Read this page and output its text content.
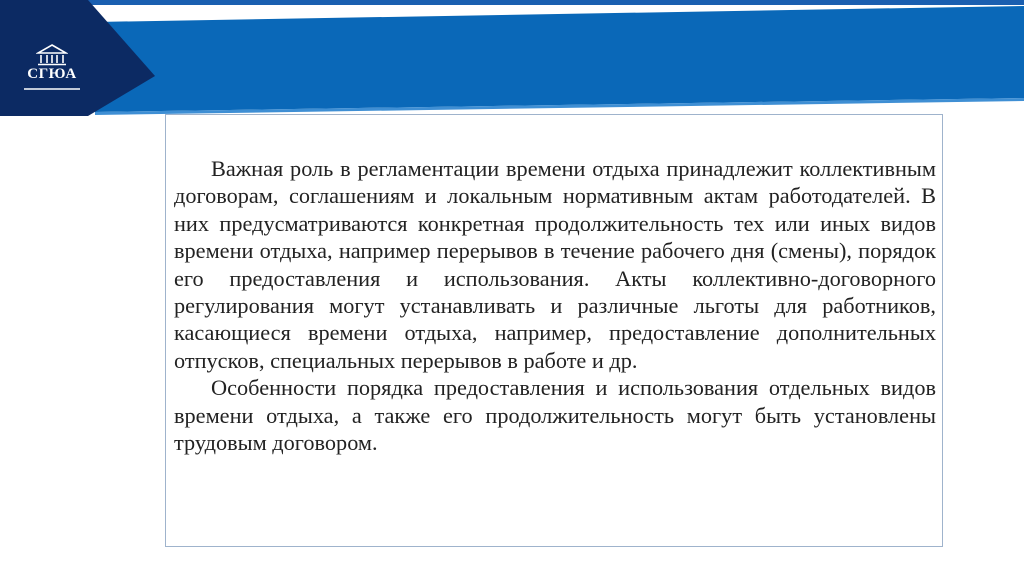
СГЮА

Важная роль в регламентации времени отдыха принадлежит коллективным договорам, соглашениям и локальным нормативным актам работодателей. В них предусматриваются конкретная продолжительность тех или иных видов времени отдыха, например перерывов в течение рабочего дня (смены), порядок его предоставления и использования. Акты коллективно-договорного регулирования могут устанавливать и различные льготы для работников, касающиеся времени отдыха, например, предоставление дополнительных отпусков, специальных перерывов в работе и др.

Особенности порядка предоставления и использования отдельных видов времени отдыха, а также его продолжительность могут быть установлены трудовым договором.
